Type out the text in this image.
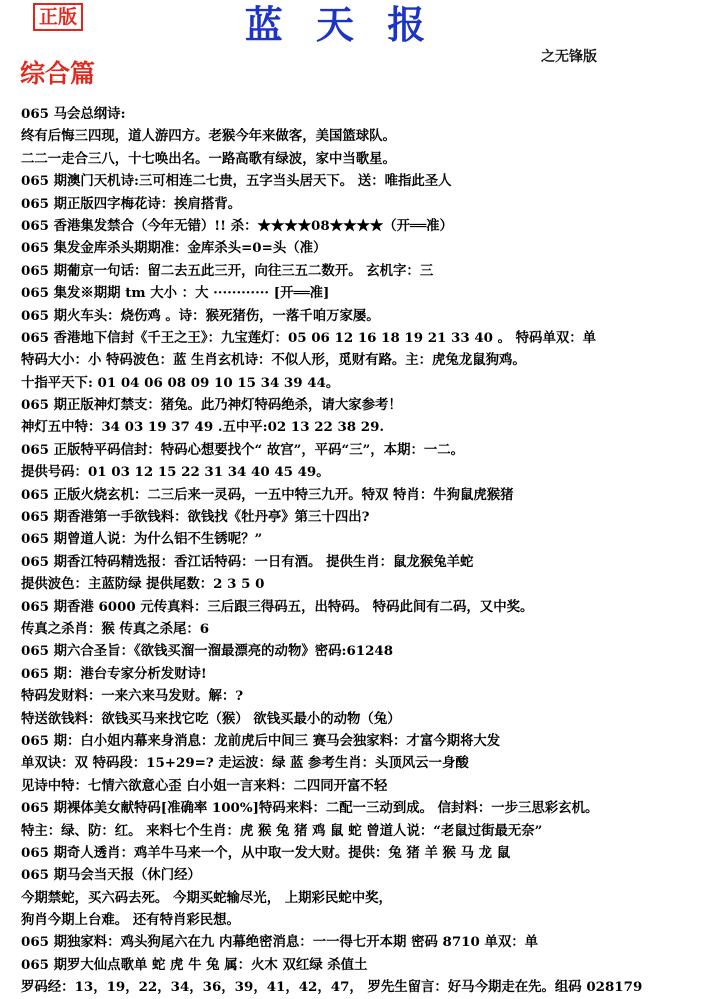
正版	蓝 天 报
之无锋版
综合篇
065 马会总纲诗:
终有后悔三四现，道人游四方。老猴今年来做客，美国篮球队。
二二一走合三八，十七唤出名。一路高歌有绿波，家中当歌星。
065 期澳门天机诗:三可相连二七贵，五字当头居天下。 送：唯指此圣人
065 期正版四字梅花诗：挨肩搭背。
065 香港集发禁合（今年无错）!! 杀：★★★★08★★★★（开══准）
065 集发金库杀头期期准：金库杀头=0=头（准）
065 期葡京一句话：留二去五此三开，向往三五二数开。 玄机字：三
065 集发※期期 tm 大小 ：大 ············ [开══准]
065 期火车头：烧伤鸡 。诗：猴死猪伤，一落千咱万家屡。
065 香港地下信封《千王之王》：九宝莲灯：05 06 12 16 18 19 21 33 40 。 特码单双：单
特码大小：小 特码波色：蓝 生肖玄机诗：不似人形，觅财有路。主：虎兔龙鼠狗鸡。
十指平天下: 01 04 06 08 09 10 15 34 39 44。
065 期正版神灯禁支：猪兔。此乃神灯特码绝杀，请大家参考！
神灯五中特：34 03 19 37 49 .五中平:02 13 22 38 29.
065 正版特平码信封：特码心想要找个“ 故宫”，平码“三”，本期：一二。
提供号码：01 03 12 15 22 31 34 40 45 49。
065 正版火烧玄机：二三后来一灵码，一五中特三九开。特双 特肖：牛狗鼠虎猴猪
065 期香港第一手欲钱料：欲钱找《牡丹亭》第三十四出?
065 期曾道人说：为什么铝不生锈呢？”
065 期香江特码精选报：香江话特码：一日有酒。 提供生肖：鼠龙猴兔羊蛇
提供波色：主蓝防绿 提供尾数：2 3 5 0
065 期香港 6000 元传真料：三后跟三得码五，出特码。 特码此间有二码，又中奖。
传真之杀肖：猴 传真之杀尾：6
065 期六合圣旨：《欲钱买溜一溜最漂亮的动物》密码:61248
065 期：港台专家分析发财诗!
特码发财料：一来六来马发财。解：?
特送欲钱料：欲钱买马来找它吃（猴） 欲钱买最小的动物（兔）
065 期：白小姐内幕来身消息：龙前虎后中间三 赛马会独家料：才富今期将大发
单双诀：双 特码段：15+29=? 走运波：绿 蓝 参考生肖：头顶风云一身酸
见诗中特：七情六欲意心歪 白小姐一言来料：二四同开富不轻
065 期裸体美女献特码[准确率 100%]特码来料：二配一三动到成。 信封料：一步三思彩玄机。
特主：绿、防：红。 来料七个生肖：虎 猴 兔 猪 鸡 鼠 蛇 曾道人说：“老鼠过街最无奈”
065 期奇人透肖：鸡羊牛马来一个，从中取一发大财。提供：兔 猪 羊 猴 马 龙 鼠
065 期马会当天报（休门经）
今期禁蛇，买六码去死。 今期买蛇输尽光， 上期彩民蛇中奖，
狗肖今期上台难。 还有特肖彩民想。
065 期独家料：鸡头狗尾六在九 内幕绝密消息：一一得七开本期 密码 8710 单双：单
065 期罗大仙点歌单 蛇 虎 牛 兔 属：火木 双红绿 杀值土
罗码经：13，19，22，34，36，39，41，42，47， 罗先生留言：好马今期走在先。组码 028179
